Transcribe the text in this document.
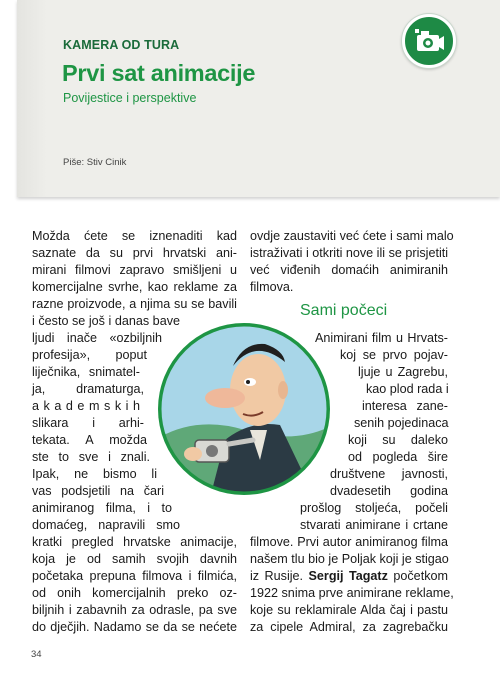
KAMERA OD TURA
Prvi sat animacije
Povijestice i perspektive
Piše: Stiv Cinik
Možda ćete se iznenaditi kad
saznate da su prvi hrvatski ani-
mirani filmovi zapravo smišljeni u
komercijalne svrhe, kao reklame za
razne proizvode, a njima su se bavili
i često se još i danas bave
ljudi inače «ozbiljnih
profesija», poput
liječnika, snimatel-
ja, dramaturga,
a k a d e m s k i h
slikara i arhi-
tekata. A možda
ste to sve i znali.
Ipak, ne bismo li
vas podsjetili na čari
animiranog filma, i to
domaćeg, napravili smo
kratki pregled hrvatske animacije,
koja je od samih svojih davnih
početaka prepuna filmova i filmića,
od onih komercijalnih preko oz-
biljnih i zabavnih za odrasle, pa sve
do dječjih. Nadamo se da se nećete
ovdje zaustaviti već ćete i sami malo
istraživati i otkriti nove ili se prisjetiti
već viđenih domaćih animiranih
filmova.
Sami počeci
Animirani film u Hrvats-
koj se prvo pojav-
ljuje u Zagrebu,
kao plod rada i
interesa zane-
senih pojedinaca
koji su daleko
od pogleda šire
društvene javnosti,
dvadesetih godina
prošlog stoljeća, počeli
stvarati animirane i crtane
filmove. Prvi autor animiranog filma
našem tlu bio je Poljak koji je stigao
iz Rusije. Sergij Tagatz početkom
1922 snima prve animirane reklame,
koje su reklamirale Alda čaj i pastu
za cipele Admiral, za zagrebačku
34
